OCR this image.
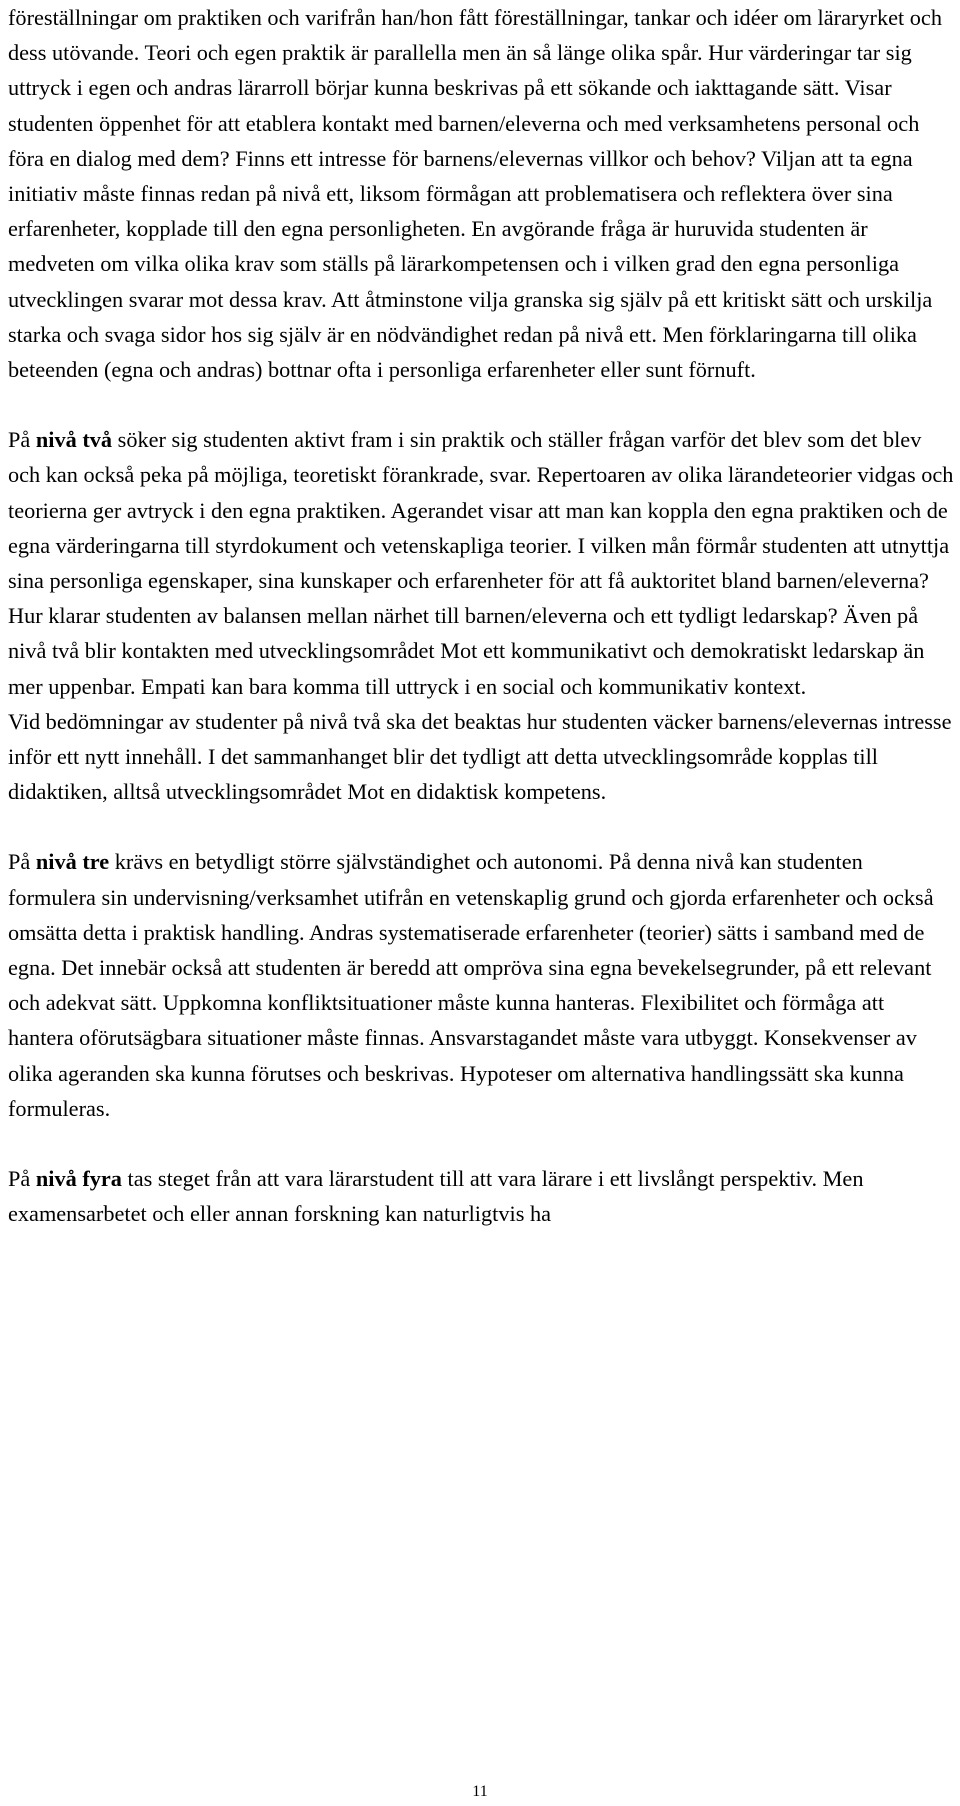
föreställningar om praktiken och varifrån han/hon fått föreställningar, tankar och idéer om läraryrket och dess utövande. Teori och egen praktik är parallella men än så länge olika spår. Hur värderingar tar sig uttryck i egen och andras lärarroll börjar kunna beskrivas på ett sökande och iakttagande sätt. Visar studenten öppenhet för att etablera kontakt med barnen/eleverna och med verksamhetens personal och föra en dialog med dem? Finns ett intresse för barnens/elevernas villkor och behov? Viljan att ta egna initiativ måste finnas redan på nivå ett, liksom förmågan att problematisera och reflektera över sina erfarenheter, kopplade till den egna personligheten. En avgörande fråga är huruvida studenten är medveten om vilka olika krav som ställs på lärarkompetensen och i vilken grad den egna personliga utvecklingen svarar mot dessa krav. Att åtminstone vilja granska sig själv på ett kritiskt sätt och urskilja starka och svaga sidor hos sig själv är en nödvändighet redan på nivå ett. Men förklaringarna till olika beteenden (egna och andras) bottnar ofta i personliga erfarenheter eller sunt förnuft.

På nivå två söker sig studenten aktivt fram i sin praktik och ställer frågan varför det blev som det blev och kan också peka på möjliga, teoretiskt förankrade, svar. Repertoaren av olika lärandeteorier vidgas och teorierna ger avtryck i den egna praktiken. Agerandet visar att man kan koppla den egna praktiken och de egna värderingarna till styrdokument och vetenskapliga teorier. I vilken mån förmår studenten att utnyttja sina personliga egenskaper, sina kunskaper och erfarenheter för att få auktoritet bland barnen/eleverna? Hur klarar studenten av balansen mellan närhet till barnen/eleverna och ett tydligt ledarskap? Även på nivå två blir kontakten med utvecklingsområdet Mot ett kommunikativt och demokratiskt ledarskap än mer uppenbar. Empati kan bara komma till uttryck i en social och kommunikativ kontext.

Vid bedömningar av studenter på nivå två ska det beaktas hur studenten väcker barnens/elevernas intresse inför ett nytt innehåll. I det sammanhanget blir det tydligt att detta utvecklingsområde kopplas till didaktiken, alltså utvecklingsområdet Mot en didaktisk kompetens.

På nivå tre krävs en betydligt större självständighet och autonomi. På denna nivå kan studenten formulera sin undervisning/verksamhet utifrån en vetenskaplig grund och gjorda erfarenheter och också omsätta detta i praktisk handling. Andras systematiserade erfarenheter (teorier) sätts i samband med de egna. Det innebär också att studenten är beredd att ompröva sina egna bevekelsegrunder, på ett relevant och adekvat sätt. Uppkomna konfliktsituationer måste kunna hanteras. Flexibilitet och förmåga att hantera oförutsägbara situationer måste finnas. Ansvarstagandet måste vara utbyggt. Konsekvenser av olika ageranden ska kunna förutses och beskrivas. Hypoteser om alternativa handlingssätt ska kunna formuleras.

På nivå fyra tas steget från att vara lärarstudent till att vara lärare i ett livslångt perspektiv. Men examensarbetet och eller annan forskning kan naturligtvis ha

11
